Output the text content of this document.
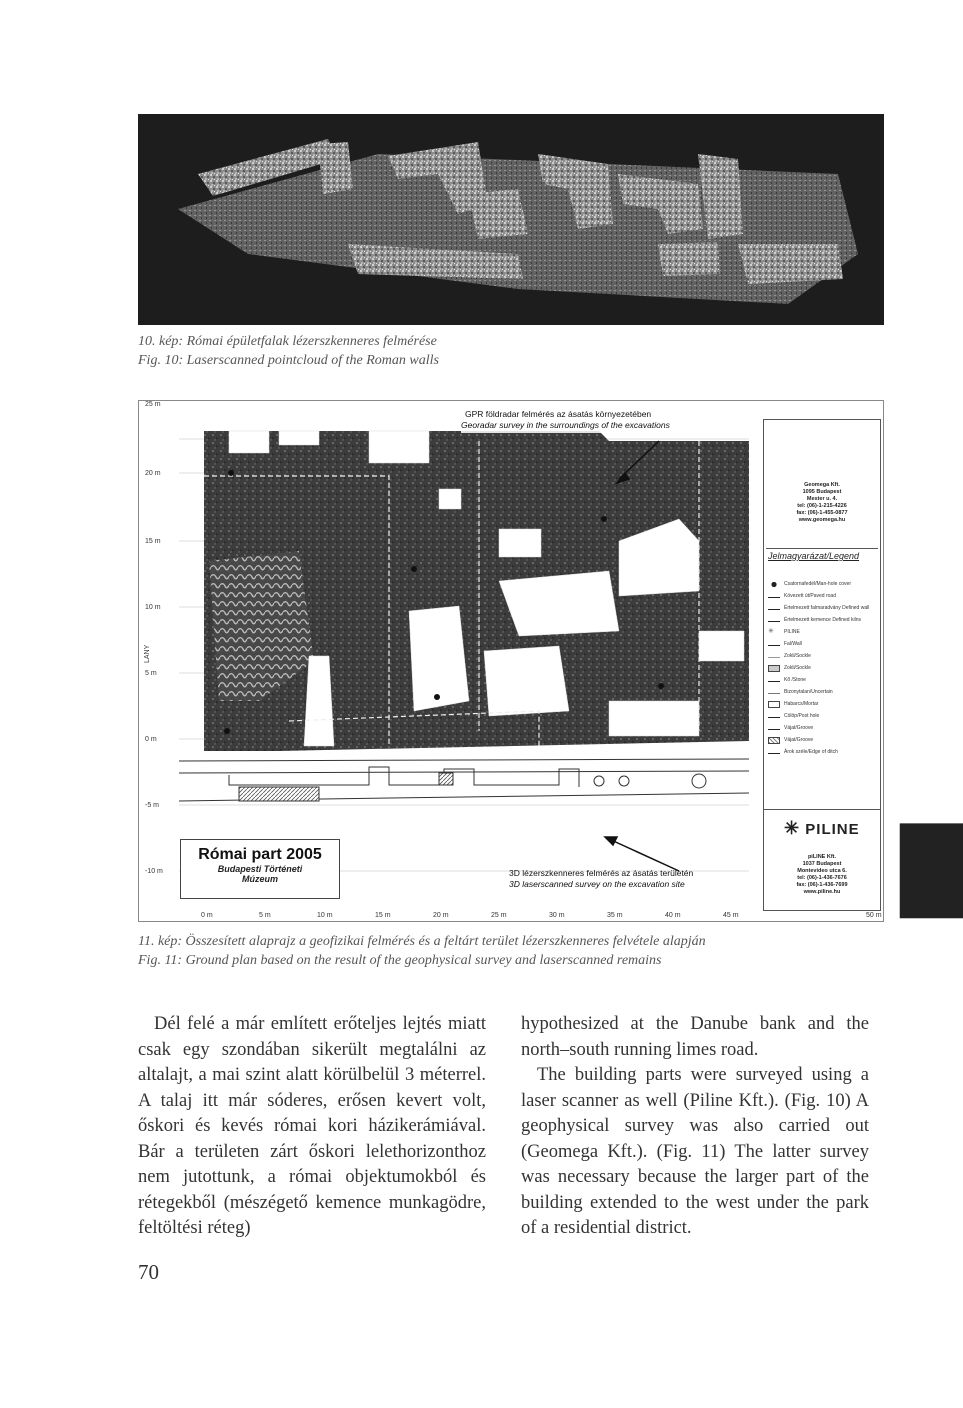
10. kép: Római épületfalak lézerszkenneres felmérése
Fig. 10: Laserscanned pointcloud of the Roman walls
25 m
20 m
15 m
10 m
5 m
0 m
-5 m
-10 m
LANY
0 m	5 m	10 m	15 m	20 m	25 m	30 m	35 m	40 m	45 m	50 m
GPR földradar felmérés az ásatás környezetében
Georadar survey in the surroundings of the excavations
Geomega Kft.
1095 Budapest
Mester u. 4.
tel: (06)-1-215-4226
fax: (06)-1-455-0877
www.geomega.hu
Jelmagyarázat/Legend
Csatornafedél/Man-hole cover
Kövezett út/Paved road
Értelmezett falmaradvány Defined wall
Értelmezett kemence Defined kilns
✳	PILINE
Fal/Wall
Zokli/Sockle
Zokli/Sockle
Kő /Stone
Bizonytalan/Uncertain
Habarcs/Mortar
Cölöp/Post hole
Vájat/Groove
Vájat/Groove
Árok széle/Edge of ditch
✳ PILINE
piLINE Kft.
1037 Budapest
Montevideo utca 6.
tel: (06)-1-436-7676
fax: (06)-1-436-7699
www.piline.hu
Római part 2005
Budapesti Történeti
Múzeum
3D lézerszkenneres felmérés az ásatás területén
3D laserscanned survey on the excavation site
11. kép: Összesített alaprajz a geofizikai felmérés és a feltárt terület lézerszkenneres felvétele alapján
Fig. 11: Ground plan based on the result of the geophysical survey and laserscanned remains

Dél felé a már említett erőteljes lejtés miatt csak egy szondában sikerült megtalálni az altalajt, a mai szint alatt körülbelül 3 méterrel. A talaj itt már sóderes, erősen kevert volt, őskori és kevés római kori házikerámiával. Bár a területen zárt őskori lelethorizonthoz nem jutottunk, a római objektumokból és rétegekből (mészégető kemence munkagödre, feltöltési réteg)

hypothesized at the Danube bank and the north–south running limes road.

The building parts were surveyed using a laser scanner as well (Piline Kft.). (Fig. 10) A geophysical survey was also carried out (Geomega Kft.). (Fig. 11) The latter survey was necessary because the larger part of the building extended to the west under the park of a residential district.

70
